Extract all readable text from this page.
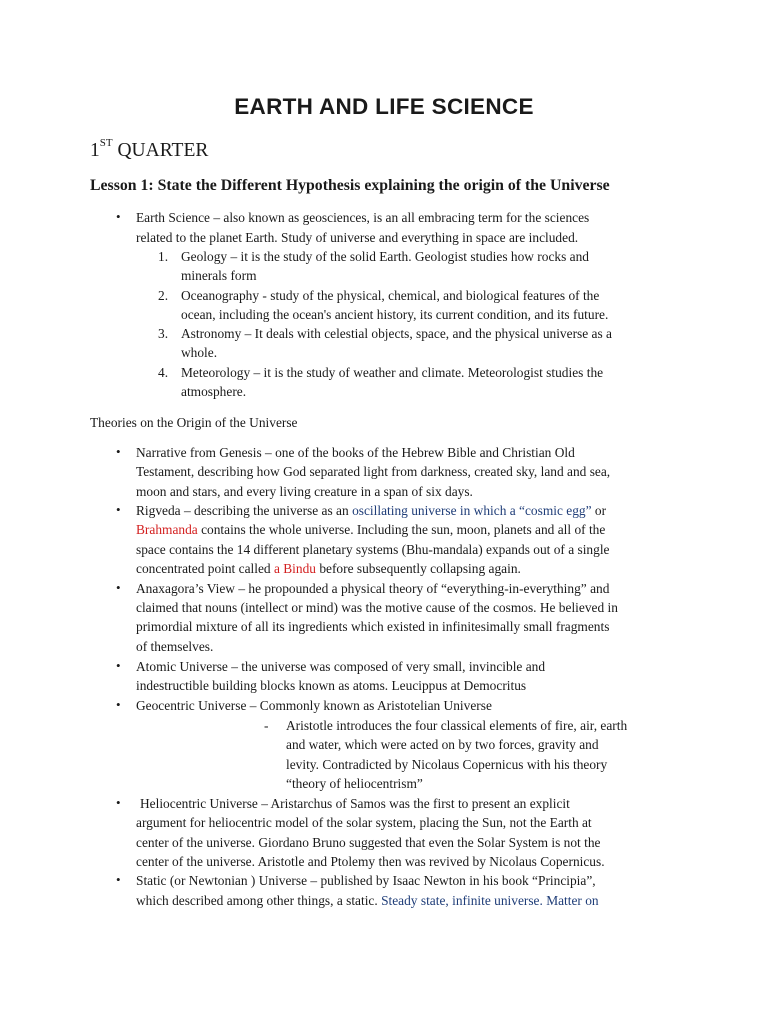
EARTH AND LIFE SCIENCE
1ST QUARTER
Lesson 1: State the Different Hypothesis explaining the origin of the Universe
• Earth Science – also known as geosciences, is an all embracing term for the sciences
related to the planet Earth. Study of universe and everything in space are included.
1. Geology – it is the study of the solid Earth. Geologist studies how rocks and
minerals form
2. Oceanography - study of the physical, chemical, and biological features of the
ocean, including the ocean's ancient history, its current condition, and its future.
3. Astronomy – It deals with celestial objects, space, and the physical universe as a
whole.
4. Meteorology – it is the study of weather and climate. Meteorologist studies the
atmosphere.
Theories on the Origin of the Universe
• Narrative from Genesis – one of the books of the Hebrew Bible and Christian Old
Testament, describing how God separated light from darkness, created sky, land and sea,
moon and stars, and every living creature in a span of six days.
• Rigveda – describing the universe as an oscillating universe in which a “cosmic egg” or
Brahmanda contains the whole universe. Including the sun, moon, planets and all of the
space contains the 14 different planetary systems (Bhu-mandala) expands out of a single
concentrated point called a Bindu before subsequently collapsing again.
• Anaxagora’s View – he propounded a physical theory of “everything-in-everything” and
claimed that nouns (intellect or mind) was the motive cause of the cosmos. He believed in
primordial mixture of all its ingredients which existed in infinitesimally small fragments
of themselves.
• Atomic Universe – the universe was composed of very small, invincible and
indestructible building blocks known as atoms. Leucippus at Democritus
• Geocentric Universe – Commonly known as Aristotelian Universe
- Aristotle introduces the four classical elements of fire, air, earth
and water, which were acted on by two forces, gravity and
levity. Contradicted by Nicolaus Copernicus with his theory
“theory of heliocentrism”
• Heliocentric Universe – Aristarchus of Samos was the first to present an explicit
argument for heliocentric model of the solar system, placing the Sun, not the Earth at
center of the universe. Giordano Bruno suggested that even the Solar System is not the
center of the universe. Aristotle and Ptolemy then was revived by Nicolaus Copernicus.
• Static (or Newtonian ) Universe – published by Isaac Newton in his book “Principia”,
which described among other things, a static. Steady state, infinite universe. Matter on
